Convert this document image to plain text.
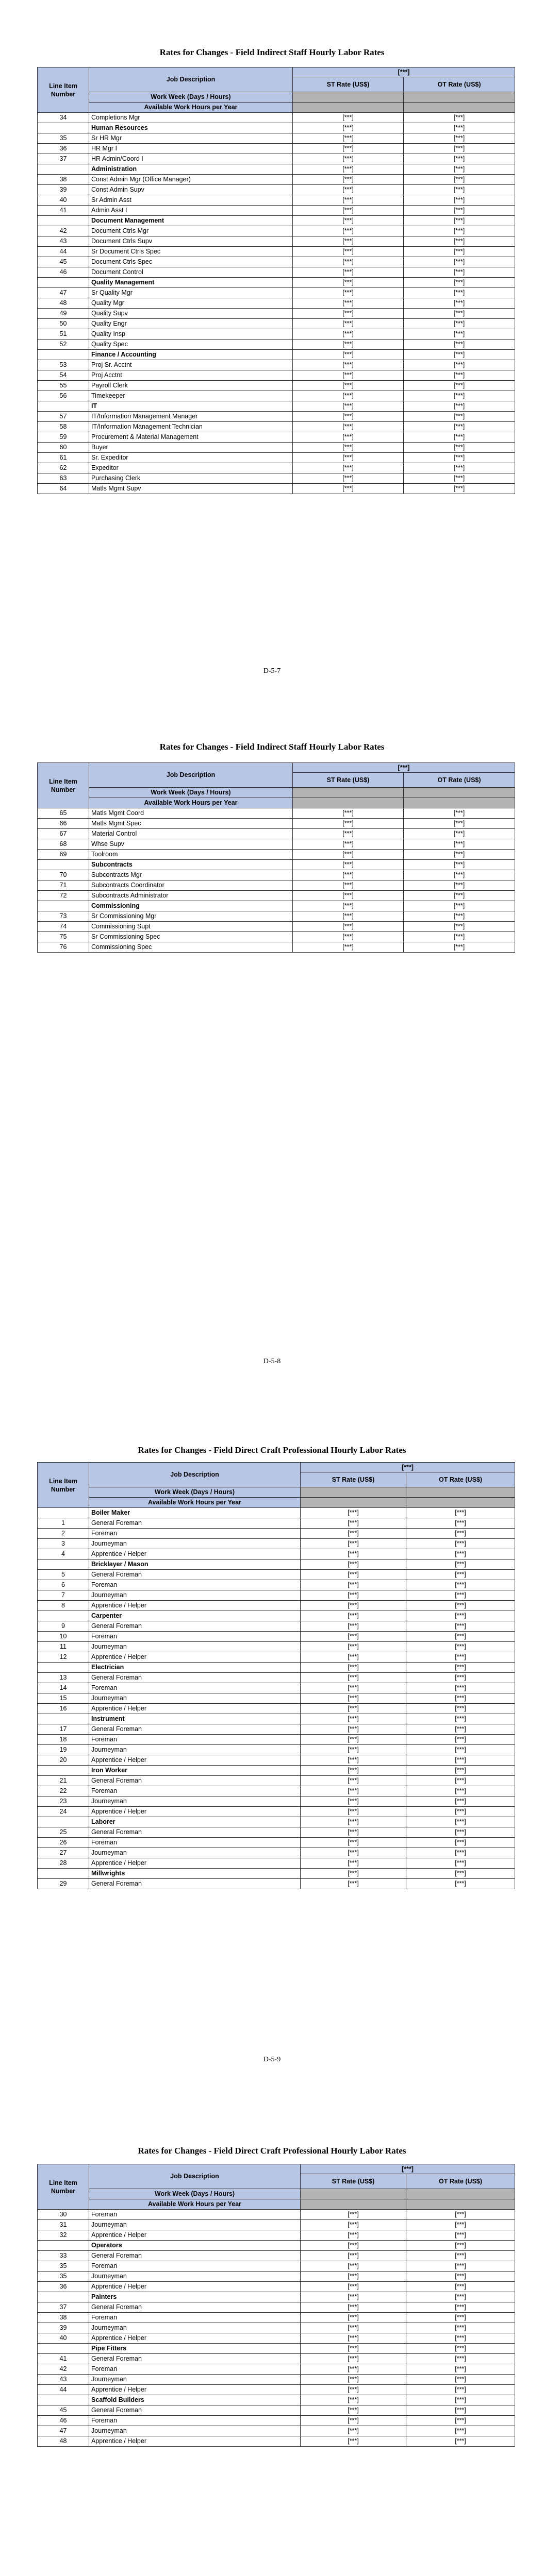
Rates for Changes - Field Indirect Staff Hourly Labor Rates
Line Item Number	Job Description	[***]	
		ST Rate (US$)	OT Rate (US$)
	Work Week (Days / Hours)		
	Available Work Hours per Year		
34	Completions Mgr	[***]	[***]
	Human Resources	[***]	[***]
35	Sr HR Mgr	[***]	[***]
36	HR Mgr I	[***]	[***]
37	HR Admin/Coord I	[***]	[***]
	Administration	[***]	[***]
38	Const Admin Mgr (Office Manager)	[***]	[***]
39	Const Admin Supv	[***]	[***]
40	Sr Admin Asst	[***]	[***]
41	Admin Asst I	[***]	[***]
	Document Management	[***]	[***]
42	Document Ctrls Mgr	[***]	[***]
43	Document Ctrls Supv	[***]	[***]
44	Sr Document Ctrls Spec	[***]	[***]
45	Document Ctrls Spec	[***]	[***]
46	Document Control	[***]	[***]
	Quality Management	[***]	[***]
47	Sr Quality Mgr	[***]	[***]
48	Quality Mgr	[***]	[***]
49	Quality Supv	[***]	[***]
50	Quality Engr	[***]	[***]
51	Quality Insp	[***]	[***]
52	Quality Spec	[***]	[***]
	Finance / Accounting	[***]	[***]
53	Proj Sr. Acctnt	[***]	[***]
54	Proj Acctnt	[***]	[***]
55	Payroll Clerk	[***]	[***]
56	Timekeeper	[***]	[***]
	IT	[***]	[***]
57	IT/Information Management Manager	[***]	[***]
58	IT/Information Management Technician	[***]	[***]
59	Procurement & Material Management	[***]	[***]
60	Buyer	[***]	[***]
61	Sr. Expeditor	[***]	[***]
62	Expeditor	[***]	[***]
63	Purchasing Clerk	[***]	[***]
64	Matls Mgmt Supv	[***]	[***]
D-5-7
Rates for Changes - Field Indirect Staff Hourly Labor Rates
Line Item Number	Job Description	[***]	
		ST Rate (US$)	OT Rate (US$)
	Work Week (Days / Hours)		
	Available Work Hours per Year		
65	Matls Mgmt Coord	[***]	[***]
66	Matls Mgmt Spec	[***]	[***]
67	Material Control	[***]	[***]
68	Whse Supv	[***]	[***]
69	Toolroom	[***]	[***]
	Subcontracts	[***]	[***]
70	Subcontracts Mgr	[***]	[***]
71	Subcontracts Coordinator	[***]	[***]
72	Subcontracts Administrator	[***]	[***]
	Commissioning	[***]	[***]
73	Sr Commissioning Mgr	[***]	[***]
74	Commissioning Supt	[***]	[***]
75	Sr Commissioning Spec	[***]	[***]
76	Commissioning Spec	[***]	[***]
D-5-8
Rates for Changes - Field Direct Craft Professional Hourly Labor Rates
Line Item Number	Job Description	[***]	
		ST Rate (US$)	OT Rate (US$)
	Work Week (Days / Hours)		
	Available Work Hours per Year		
	Boiler Maker	[***]	[***]
1	General Foreman	[***]	[***]
2	Foreman	[***]	[***]
3	Journeyman	[***]	[***]
4	Apprentice / Helper	[***]	[***]
	Bricklayer / Mason	[***]	[***]
5	General Foreman	[***]	[***]
6	Foreman	[***]	[***]
7	Journeyman	[***]	[***]
8	Apprentice / Helper	[***]	[***]
	Carpenter	[***]	[***]
9	General Foreman	[***]	[***]
10	Foreman	[***]	[***]
11	Journeyman	[***]	[***]
12	Apprentice / Helper	[***]	[***]
	Electrician	[***]	[***]
13	General Foreman	[***]	[***]
14	Foreman	[***]	[***]
15	Journeyman	[***]	[***]
16	Apprentice / Helper	[***]	[***]
	Instrument	[***]	[***]
17	General Foreman	[***]	[***]
18	Foreman	[***]	[***]
19	Journeyman	[***]	[***]
20	Apprentice / Helper	[***]	[***]
	Iron Worker	[***]	[***]
21	General Foreman	[***]	[***]
22	Foreman	[***]	[***]
23	Journeyman	[***]	[***]
24	Apprentice / Helper	[***]	[***]
	Laborer	[***]	[***]
25	General Foreman	[***]	[***]
26	Foreman	[***]	[***]
27	Journeyman	[***]	[***]
28	Apprentice / Helper	[***]	[***]
	Millwrights	[***]	[***]
29	General Foreman	[***]	[***]
D-5-9
Rates for Changes - Field Direct Craft Professional Hourly Labor Rates
Line Item Number	Job Description	[***]	
		ST Rate (US$)	OT Rate (US$)
	Work Week (Days / Hours)		
	Available Work Hours per Year		
30	Foreman	[***]	[***]
31	Journeyman	[***]	[***]
32	Apprentice / Helper	[***]	[***]
	Operators	[***]	[***]
33	General Foreman	[***]	[***]
35	Foreman	[***]	[***]
35	Journeyman	[***]	[***]
36	Apprentice / Helper	[***]	[***]
	Painters	[***]	[***]
37	General Foreman	[***]	[***]
38	Foreman	[***]	[***]
39	Journeyman	[***]	[***]
40	Apprentice / Helper	[***]	[***]
	Pipe Fitters	[***]	[***]
41	General Foreman	[***]	[***]
42	Foreman	[***]	[***]
43	Journeyman	[***]	[***]
44	Apprentice / Helper	[***]	[***]
	Scaffold Builders	[***]	[***]
45	General Foreman	[***]	[***]
46	Foreman	[***]	[***]
47	Journeyman	[***]	[***]
48	Apprentice / Helper	[***]	[***]
